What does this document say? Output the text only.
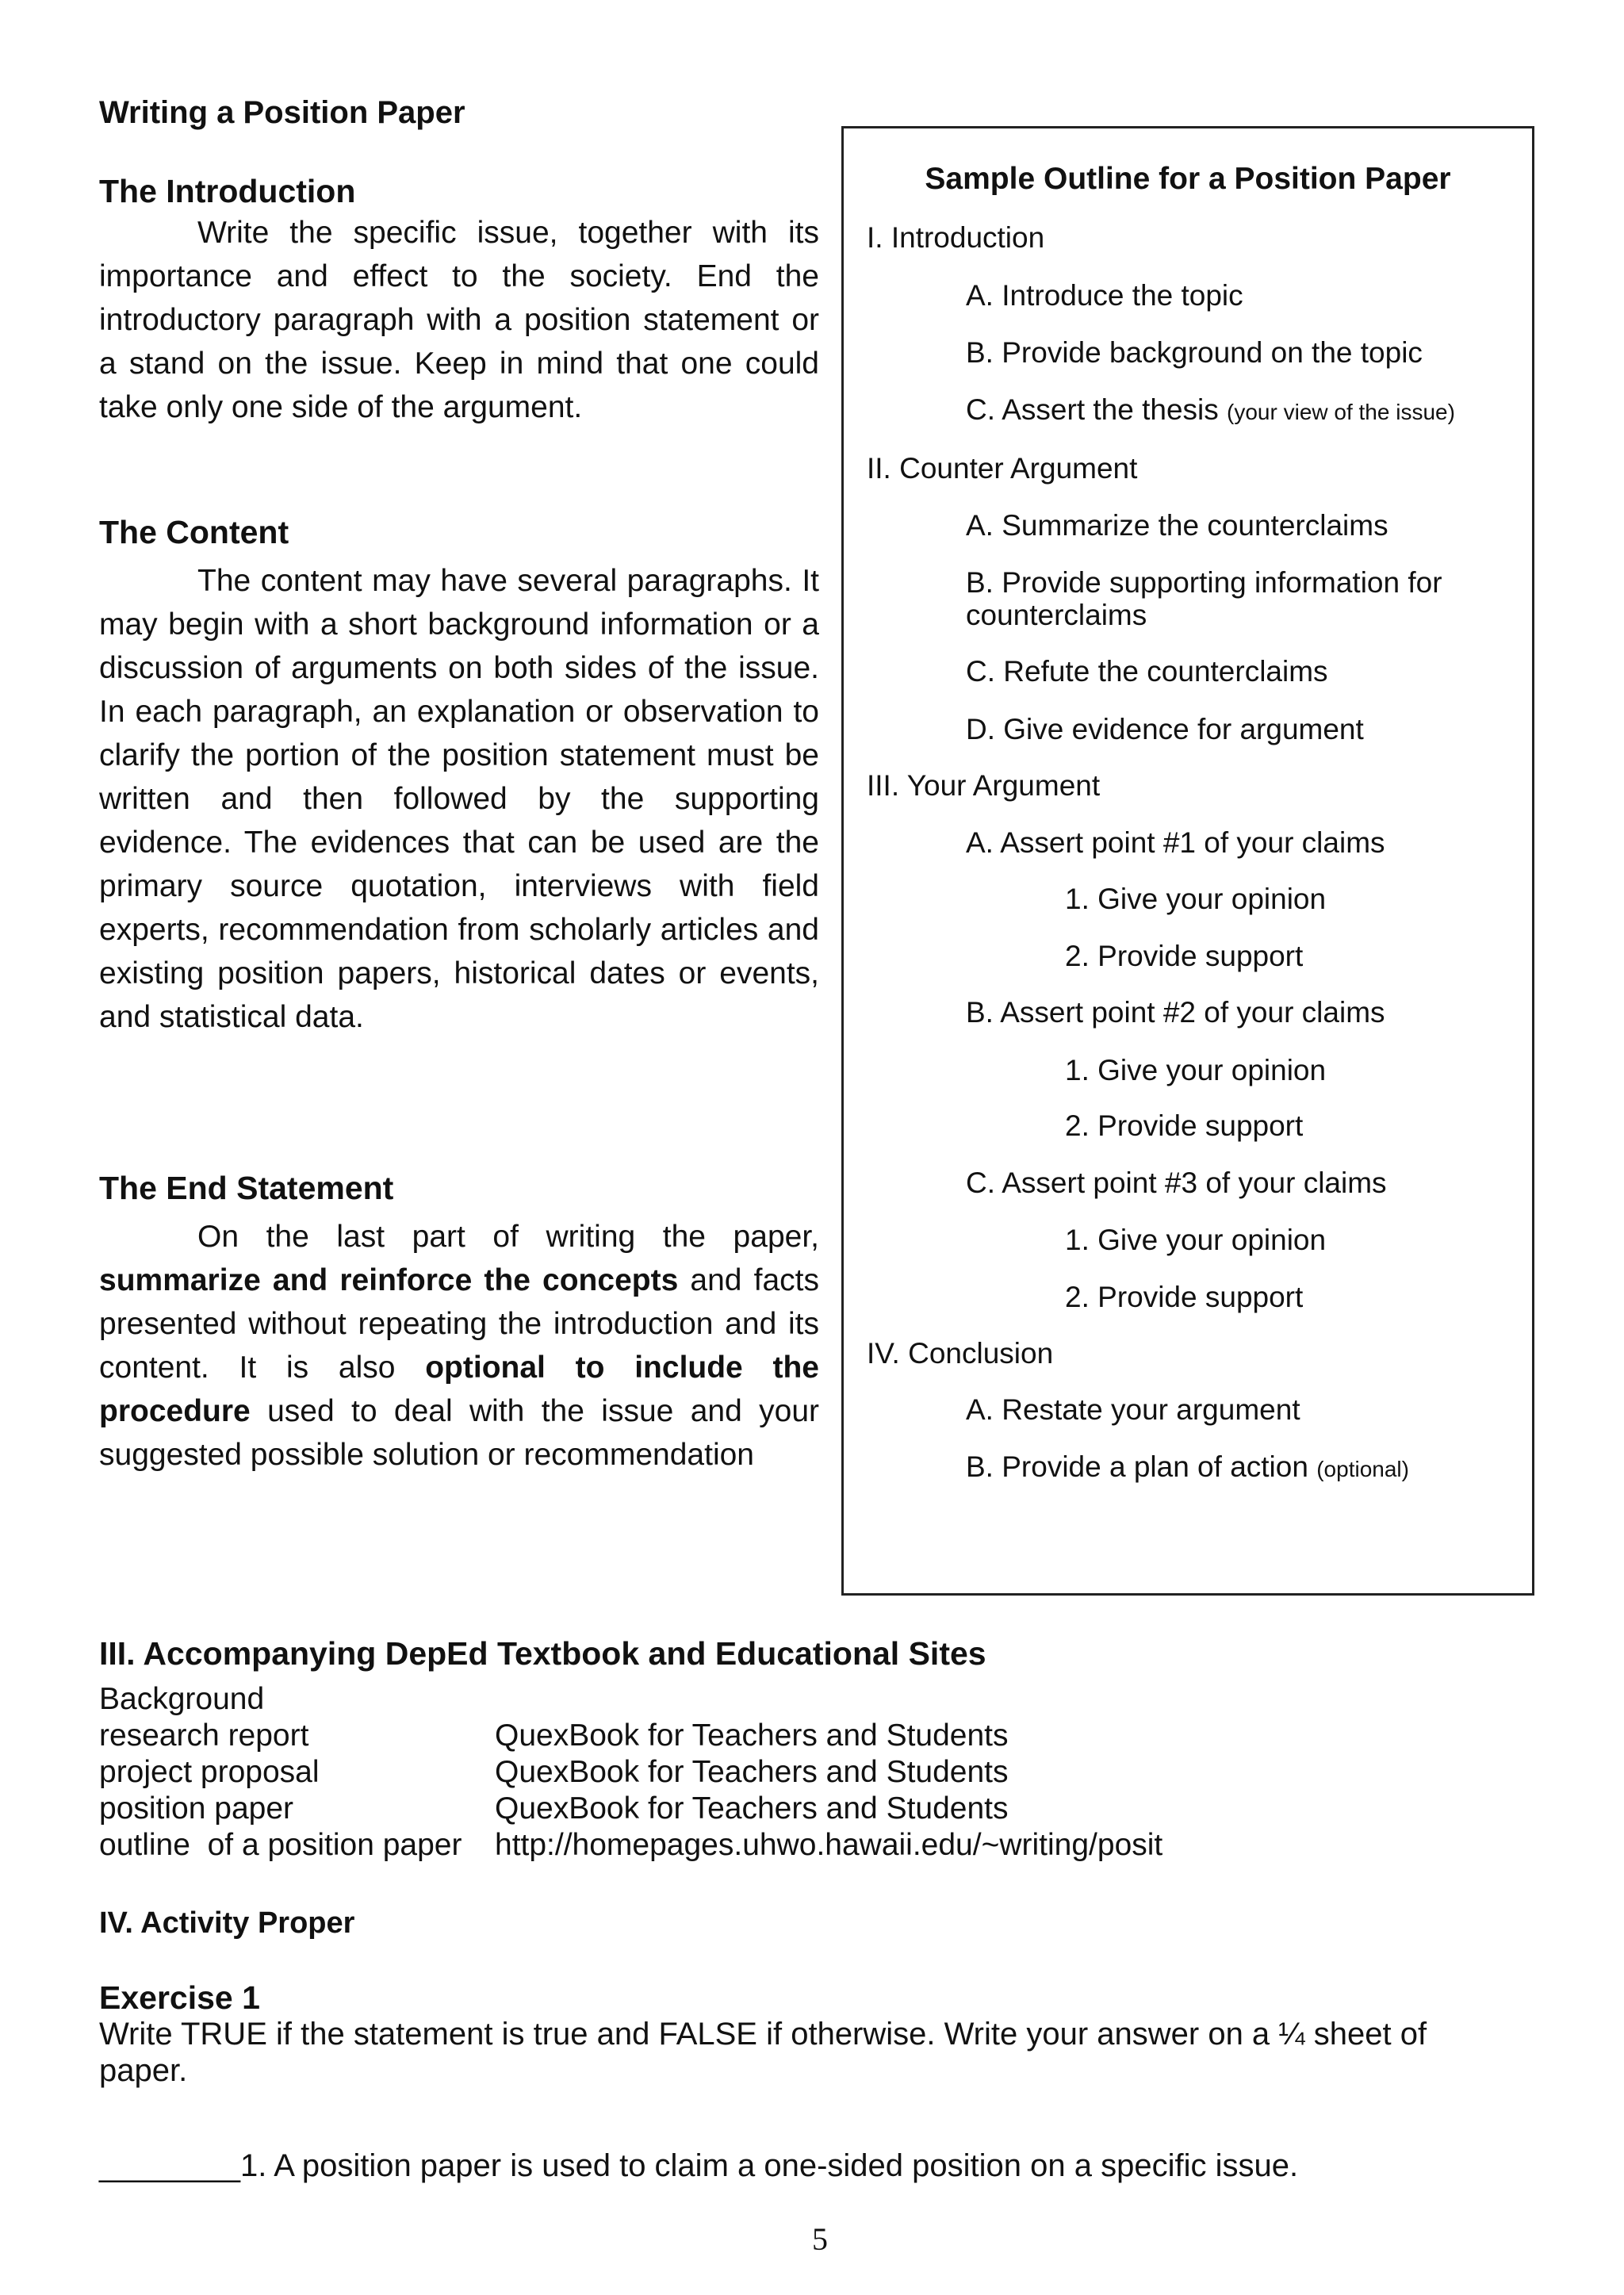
Writing a Position Paper
The Introduction
Write the specific issue, together with its importance and effect to the society. End the introductory paragraph with a position statement or a stand on the issue. Keep in mind that one could take only one side of the argument.
The Content
The content may have several paragraphs. It may begin with a short background information or a discussion of arguments on both sides of the issue. In each paragraph, an explanation or observation to clarify the portion of the position statement must be written and then followed by the supporting evidence. The evidences that can be used are the primary source quotation, interviews with field experts, recommendation from scholarly articles and existing position papers, historical dates or events, and statistical data.
The End Statement
On the last part of writing the paper, summarize and reinforce the concepts and facts presented without repeating the introduction and its content. It is also optional to include the procedure used to deal with the issue and your suggested possible solution or recommendation
Sample Outline for a Position Paper
I. Introduction
A. Introduce the topic
B. Provide background on the topic
C. Assert the thesis (your view of the issue)
II. Counter Argument
A. Summarize the counterclaims
B. Provide supporting information for
counterclaims
C. Refute the counterclaims
D. Give evidence for argument
III. Your Argument
A. Assert point #1 of your claims
1. Give your opinion
2. Provide support
B. Assert point #2 of your claims
1. Give your opinion
2. Provide support
C. Assert point #3 of your claims
1. Give your opinion
2. Provide support
IV. Conclusion
A. Restate your argument
B. Provide a plan of action (optional)
III. Accompanying DepEd Textbook and Educational Sites
Background
research report	QuexBook for Teachers and Students
project proposal	QuexBook for Teachers and Students
position paper	QuexBook for Teachers and Students
outline  of a position paper http://homepages.uhwo.hawaii.edu/~writing/posit
IV. Activity Proper
Exercise 1
Write TRUE if the statement is true and FALSE if otherwise. Write your answer on a ¼ sheet of paper.
________1. A position paper is used to claim a one-sided position on a specific issue.
5
